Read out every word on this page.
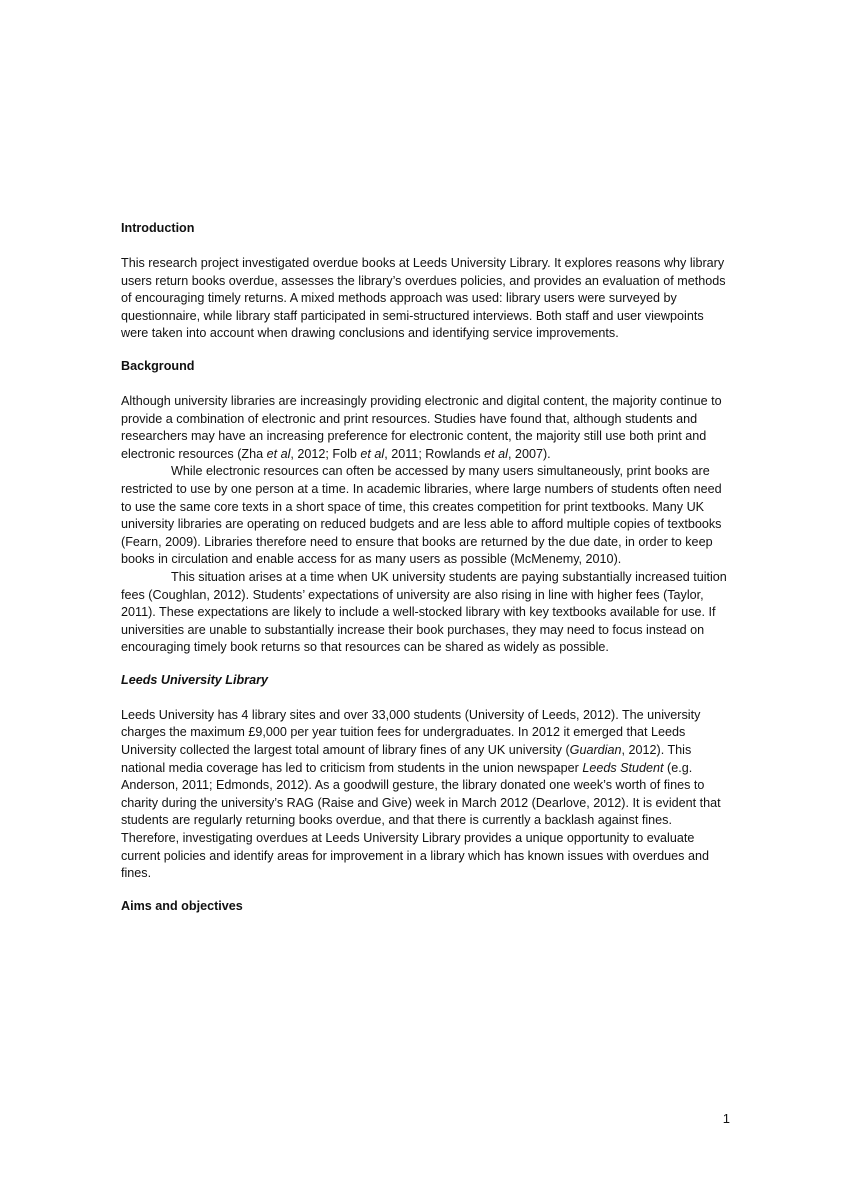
Introduction

This research project investigated overdue books at Leeds University Library. It explores reasons why library users return books overdue, assesses the library’s overdues policies, and provides an evaluation of methods of encouraging timely returns. A mixed methods approach was used: library users were surveyed by questionnaire, while library staff participated in semi-structured interviews. Both staff and user viewpoints were taken into account when drawing conclusions and identifying service improvements.

Background

Although university libraries are increasingly providing electronic and digital content, the majority continue to provide a combination of electronic and print resources. Studies have found that, although students and researchers may have an increasing preference for electronic content, the majority still use both print and electronic resources (Zha et al, 2012; Folb et al, 2011; Rowlands et al, 2007).

While electronic resources can often be accessed by many users simultaneously, print books are restricted to use by one person at a time. In academic libraries, where large numbers of students often need to use the same core texts in a short space of time, this creates competition for print textbooks. Many UK university libraries are operating on reduced budgets and are less able to afford multiple copies of textbooks (Fearn, 2009). Libraries therefore need to ensure that books are returned by the due date, in order to keep books in circulation and enable access for as many users as possible (McMenemy, 2010).

This situation arises at a time when UK university students are paying substantially increased tuition fees (Coughlan, 2012). Students’ expectations of university are also rising in line with higher fees (Taylor, 2011). These expectations are likely to include a well-stocked library with key textbooks available for use. If universities are unable to substantially increase their book purchases, they may need to focus instead on encouraging timely book returns so that resources can be shared as widely as possible.

Leeds University Library

Leeds University has 4 library sites and over 33,000 students (University of Leeds, 2012). The university charges the maximum £9,000 per year tuition fees for undergraduates. In 2012 it emerged that Leeds University collected the largest total amount of library fines of any UK university (Guardian, 2012). This national media coverage has led to criticism from students in the union newspaper Leeds Student (e.g. Anderson, 2011; Edmonds, 2012). As a goodwill gesture, the library donated one week’s worth of fines to charity during the university’s RAG (Raise and Give) week in March 2012 (Dearlove, 2012). It is evident that students are regularly returning books overdue, and that there is currently a backlash against fines. Therefore, investigating overdues at Leeds University Library provides a unique opportunity to evaluate current policies and identify areas for improvement in a library which has known issues with overdues and fines.

Aims and objectives

1
